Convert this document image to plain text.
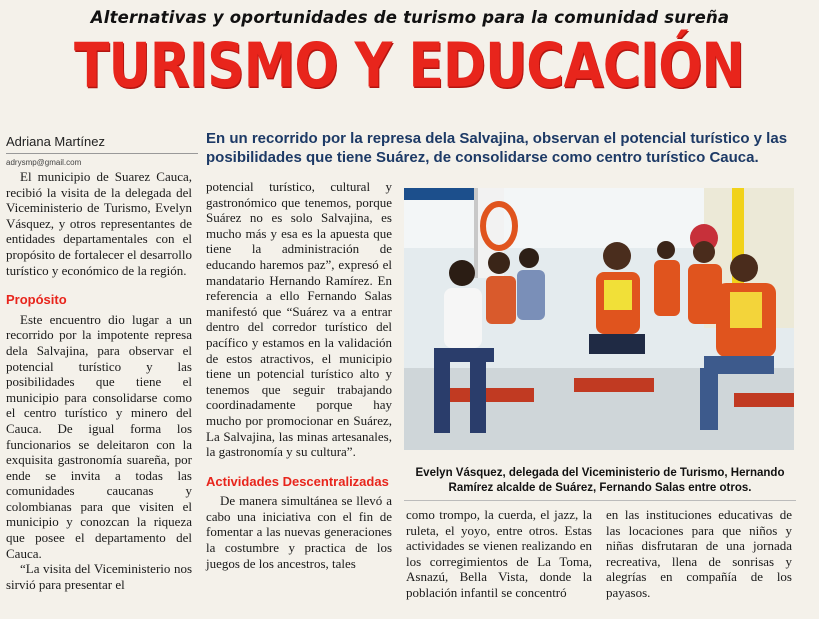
Alternativas y oportunidades de turismo para la comunidad sureña
TURISMO Y EDUCACIÓN
Adriana Martínez
adrysmp@gmail.com
En un recorrido por la represa dela Salvajina, observan el potencial turístico y las posibilidades que tiene Suárez, de consolidarse como centro turístico Cauca.

El municipio de Suarez Cauca, recibió la visita de la delegada del Viceministerio de Turismo, Evelyn Vásquez, y otros representantes de entidades departamentales con el propósito de fortalecer el desarrollo turístico y económico de la región.

Propósito

Este encuentro dio lugar a un recorrido por la impotente represa dela Salvajina, para observar el potencial turístico y las posibilidades que tiene el municipio para consolidarse como el centro turístico y minero del Cauca. De igual forma los funcionarios se deleitaron con la exquisita gastronomía suareña, por ende se invita a todas las comunidades caucanas y colombianas para que visiten el municipio y conozcan la riqueza que posee el departamento del Cauca.

“La visita del Viceministerio nos sirvió para presentar el

potencial turístico, cultural y gastronómico que tenemos, porque Suárez no es solo Salvajina, es mucho más y esa es la apuesta que tiene la administración de educando haremos paz”, expresó el mandatario Hernando Ramírez. En referencia a ello Fernando Salas manifestó que “Suárez va a entrar dentro del corredor turístico del pacífico y estamos en la validación de estos atractivos, el municipio tiene un potencial turístico alto y tenemos que seguir trabajando coordinadamente porque hay mucho por promocionar en Suárez, La Salvajina, las minas artesanales, la gastronomía y su cultura”.

Actividades Descentralizadas

De manera simultánea se llevó a cabo una iniciativa con el fin de fomentar a las nuevas generaciones la costumbre y practica de los juegos de los ancestros, tales

Evelyn Vásquez, delegada del Viceministerio de Turismo, Hernando Ramírez alcalde de Suárez, Fernando Salas entre otros.

como trompo, la cuerda, el jazz, la ruleta, el yoyo, entre otros. Estas actividades se vienen realizando en los corregimientos de La Toma, Asnazú, Bella Vista, donde la población infantil se concentró

en las instituciones educativas de las locaciones para que niños y niñas disfrutaran de una jornada recreativa, llena de sonrisas y alegrías en compañía de los payasos.
